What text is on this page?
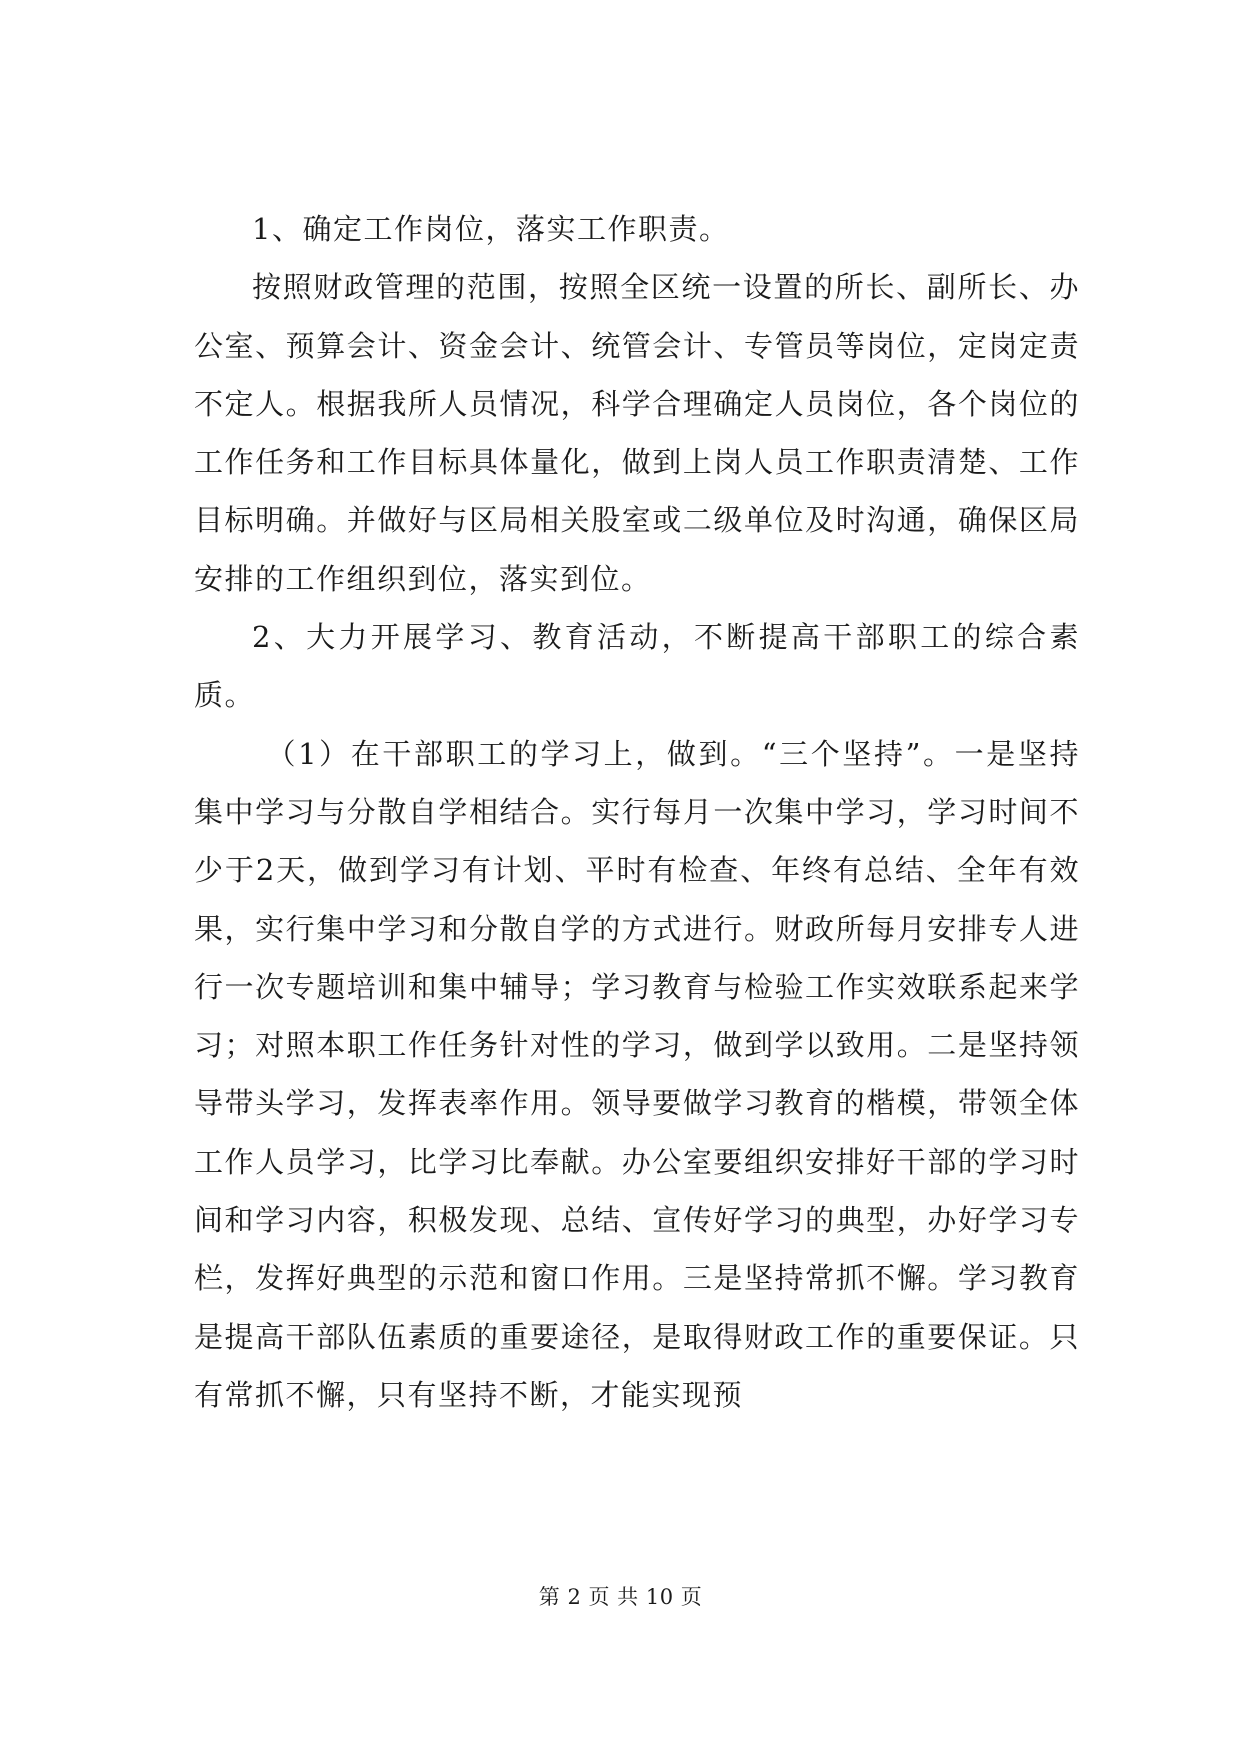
1、确定工作岗位，落实工作职责。

按照财政管理的范围，按照全区统一设置的所长、副所长、办公室、预算会计、资金会计、统管会计、专管员等岗位，定岗定责不定人。根据我所人员情况，科学合理确定人员岗位，各个岗位的工作任务和工作目标具体量化，做到上岗人员工作职责清楚、工作目标明确。并做好与区局相关股室或二级单位及时沟通，确保区局安排的工作组织到位，落实到位。

2、大力开展学习、教育活动，不断提高干部职工的综合素质。

（1）在干部职工的学习上，做到。“三个坚持”。一是坚持集中学习与分散自学相结合。实行每月一次集中学习，学习时间不少于2天，做到学习有计划、平时有检查、年终有总结、全年有效果，实行集中学习和分散自学的方式进行。财政所每月安排专人进行一次专题培训和集中辅导；学习教育与检验工作实效联系起来学习；对照本职工作任务针对性的学习，做到学以致用。二是坚持领导带头学习，发挥表率作用。领导要做学习教育的楷模，带领全体工作人员学习，比学习比奉献。办公室要组织安排好干部的学习时间和学习内容，积极发现、总结、宣传好学习的典型，办好学习专栏，发挥好典型的示范和窗口作用。三是坚持常抓不懈。学习教育是提高干部队伍素质的重要途径，是取得财政工作的重要保证。只有常抓不懈，只有坚持不断，才能实现预

第 2 页 共 10 页
